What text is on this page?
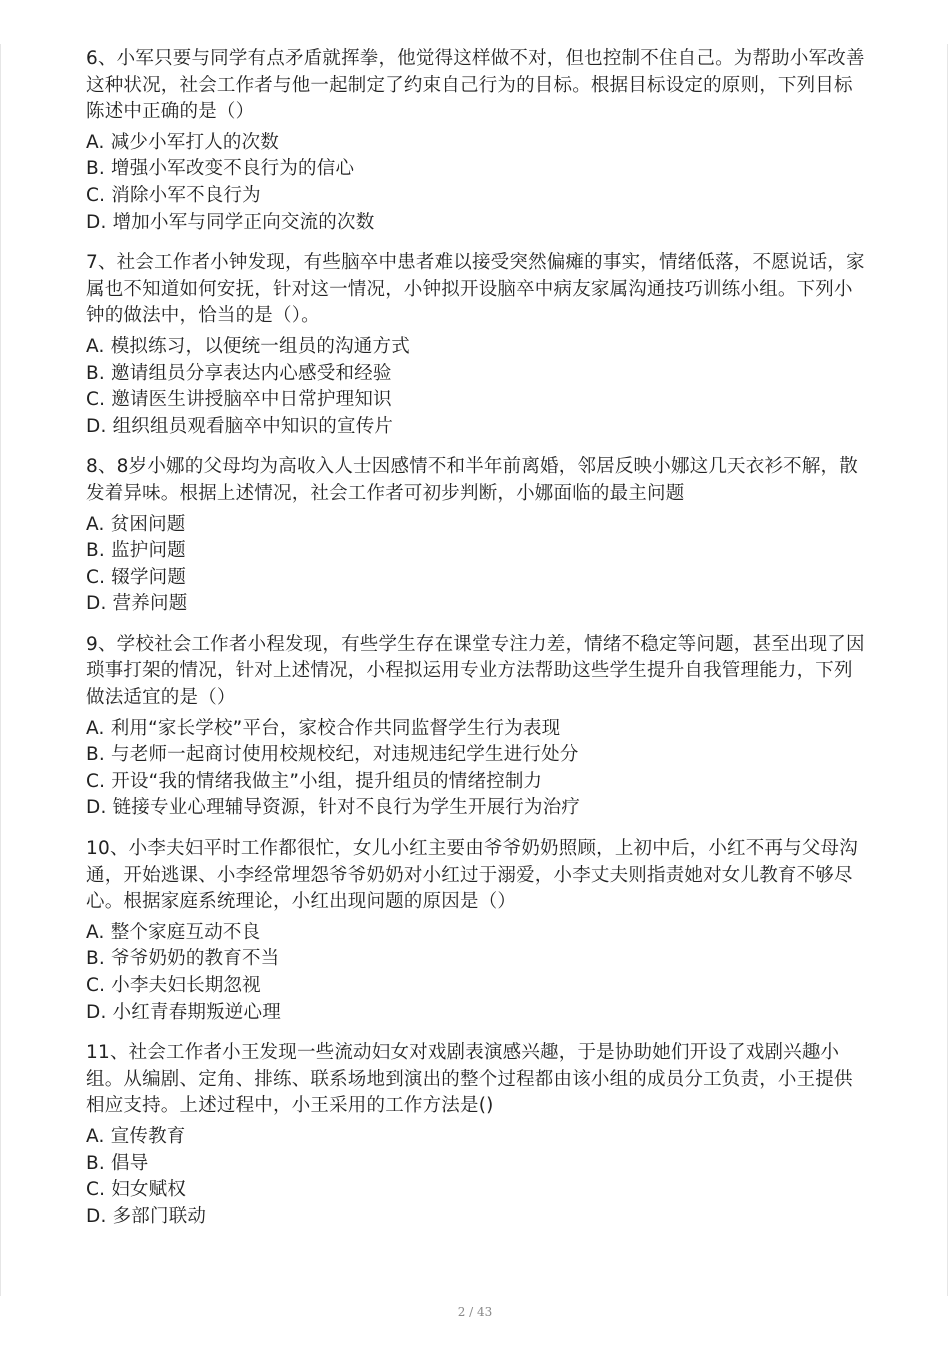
6、小军只要与同学有点矛盾就挥拳，他觉得这样做不对，但也控制不住自己。为帮助小军改善这种状况，社会工作者与他一起制定了约束自己行为的目标。根据目标设定的原则，下列目标陈述中正确的是（）

A. 减少小军打人的次数

B. 增强小军改变不良行为的信心

C. 消除小军不良行为

D. 增加小军与同学正向交流的次数

7、社会工作者小钟发现，有些脑卒中患者难以接受突然偏瘫的事实，情绪低落，不愿说话，家属也不知道如何安抚，针对这一情况，小钟拟开设脑卒中病友家属沟通技巧训练小组。下列小钟的做法中，恰当的是（）。

A. 模拟练习，以便统一组员的沟通方式

B. 邀请组员分享表达内心感受和经验

C. 邀请医生讲授脑卒中日常护理知识

D. 组织组员观看脑卒中知识的宣传片

8、8岁小娜的父母均为高收入人士因感情不和半年前离婚，邻居反映小娜这几天衣衫不解，散发着异味。根据上述情况，社会工作者可初步判断，小娜面临的最主问题

A. 贫困问题

B. 监护问题

C. 辍学问题

D. 营养问题

9、学校社会工作者小程发现，有些学生存在课堂专注力差，情绪不稳定等问题，甚至出现了因琐事打架的情况，针对上述情况，小程拟运用专业方法帮助这些学生提升自我管理能力，下列做法适宜的是（）

A. 利用“家长学校”平台，家校合作共同监督学生行为表现

B. 与老师一起商讨使用校规校纪，对违规违纪学生进行处分

C. 开设“我的情绪我做主”小组，提升组员的情绪控制力

D. 链接专业心理辅导资源，针对不良行为学生开展行为治疗

10、小李夫妇平时工作都很忙，女儿小红主要由爷爷奶奶照顾，上初中后，小红不再与父母沟通，开始逃课、小李经常埋怨爷爷奶奶对小红过于溺爱，小李丈夫则指责她对女儿教育不够尽心。根据家庭系统理论，小红出现问题的原因是（）

A. 整个家庭互动不良

B. 爷爷奶奶的教育不当

C. 小李夫妇长期忽视

D. 小红青春期叛逆心理

11、社会工作者小王发现一些流动妇女对戏剧表演感兴趣，于是协助她们开设了戏剧兴趣小组。从编剧、定角、排练、联系场地到演出的整个过程都由该小组的成员分工负责，小王提供相应支持。上述过程中，小王采用的工作方法是()

A. 宣传教育

B. 倡导

C. 妇女赋权

D. 多部门联动

2 / 43
